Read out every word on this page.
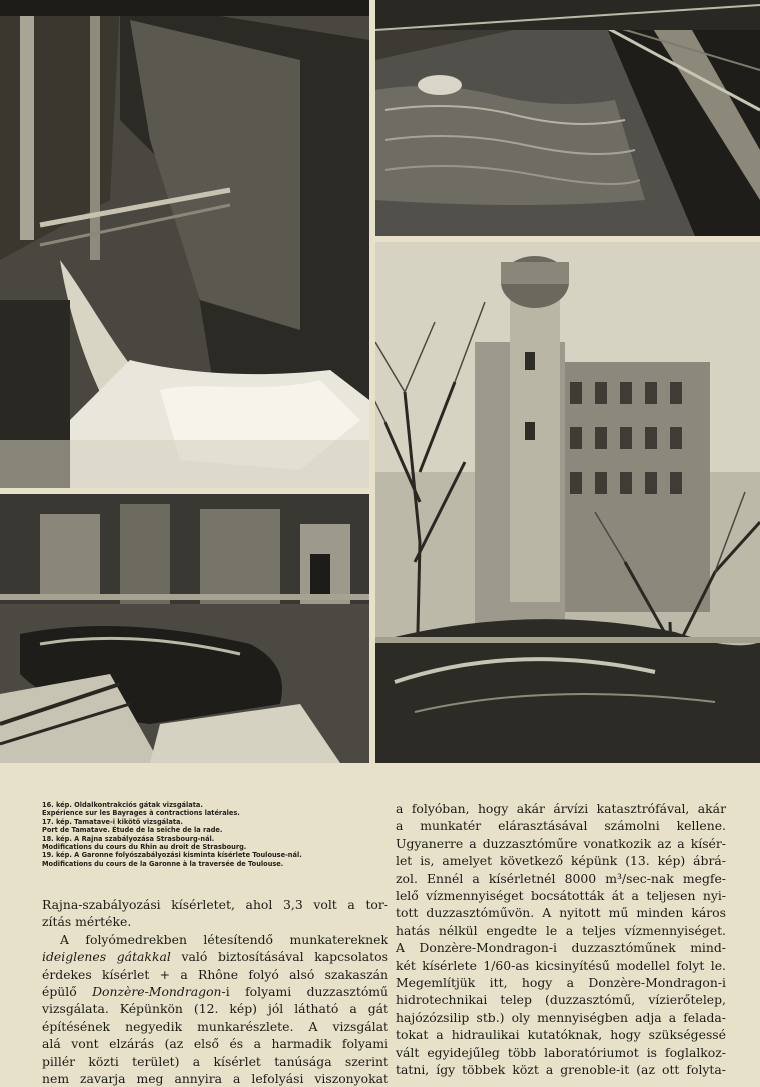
16. kép. Oldalkontrakciós gátak vizsgálata.
Expérience sur les Bayrages à contractions latérales.
17. kép. Tamatave-i kikötő vizsgálata.
Port de Tamatave. Étude de la seiche de la rade.
18. kép. A Rajna szabályozása Strasbourg-nál.
Modifications du cours du Rhin au droit de Strasbourg.
19. kép. A Garonne folyószabályozási kisminta kísérlete Toulouse-nál.
Modifications du cours de la Garonne à la traversée de Toulouse.
Rajna-szabályozási kísérletet, ahol 3,3 volt a tor-
zítás mértéke.
A folyómedrekben létesítendő munkatereknek
ideiglenes gátakkal való biztosításával kapcsolatos
érdekes kísérlet + a Rhône folyó alsó szakaszán
épülő Donzère-Mondragon-i folyami duzzasztómű
vizsgálata. Képünkön (12. kép) jól látható a gát
építésének negyedik munkarészlete. A vizsgálat
alá vont elzárás (az első és a harmadik folyami
pillér közti terület) a kísérlet tanúsága szerint
nem zavarja meg annyira a lefolyási viszonyokat
a folyóban, hogy akár árvízi katasztrófával, akár
a munkatér elárasztásával számolni kellene.
Ugyanerre a duzzasztóműre vonatkozik az a kísér-
let is, amelyet következő képünk (13. kép) ábrá-
zol. Ennél a kísérletnél 8000 m³/sec-nak megfe-
lelő vízmennyiséget bocsátották át a teljesen nyi-
tott duzzasztóművön. A nyitott mű minden káros
hatás nélkül engedte le a teljes vízmennyiséget.
A Donzère-Mondragon-i duzzasztóműnek mind-
két kísérlete 1/60-as kicsinyítésű modellel folyt le.
Megemlítjük itt, hogy a Donzère-Mondragon-i
hidrotechnikai telep (duzzasztómű, vízierőtelep,
hajózózsilip stb.) oly mennyiségben adja a felada-
tokat a hidraulikai kutatóknak, hogy szükségessé
vált egyidejűleg több laboratóriumot is foglalkoz-
tatni, így többek közt a grenoble-it (az ott folyta-
